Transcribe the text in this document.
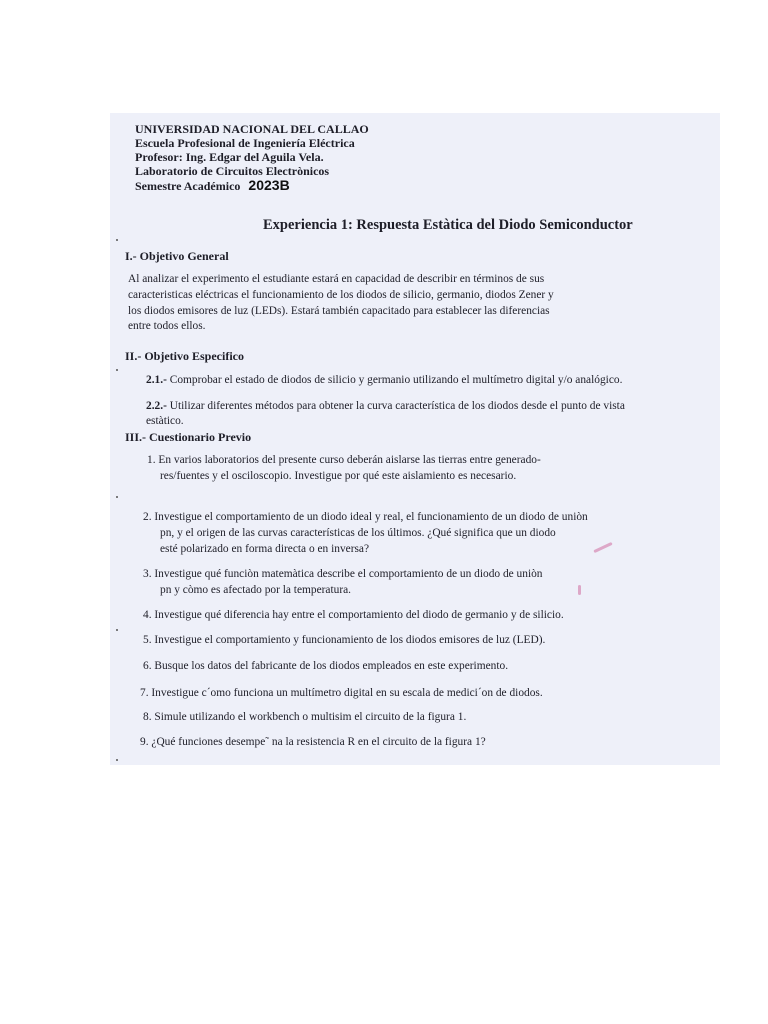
UNIVERSIDAD NACIONAL DEL CALLAO
Escuela Profesional de Ingeniería Eléctrica
Profesor: Ing. Edgar del Aguila Vela.
Laboratorio de Circuitos Electrònicos
Semestre Académico 2023B
Experiencia 1: Respuesta Estàtica del Diodo Semiconductor
I.- Objetivo General
Al analizar el experimento el estudiante estará en capacidad de describir en términos de sus
caracteristicas eléctricas el funcionamiento de los diodos de silicio, germanio, diodos Zener y
los diodos emisores de luz (LEDs). Estará también capacitado para establecer las diferencias
entre todos ellos.
II.- Objetivo Especifico
2.1.- Comprobar el estado de diodos de silicio y germanio utilizando el multímetro digital y/o analógico.
2.2.- Utilizar diferentes métodos para obtener la curva característica de los diodos desde el punto de vista
estàtico.
III.- Cuestionario Previo
1. En varios laboratorios del presente curso deberán aislarse las tierras entre generado-
res/fuentes y el osciloscopio. Investigue por qué este aislamiento es necesario.
2. Investigue el comportamiento de un diodo ideal y real, el funcionamiento de un diodo de uniòn
pn, y el origen de las curvas características de los últimos. ¿Qué significa que un diodo
esté polarizado en forma directa o en inversa?
3. Investigue qué funciòn matemàtica describe el comportamiento de un diodo de uniòn
pn y còmo es afectado por la temperatura.
4. Investigue qué diferencia hay entre el comportamiento del diodo de germanio y de silicio.
5. Investigue el comportamiento y funcionamiento de los diodos emisores de luz (LED).
6. Busque los datos del fabricante de los diodos empleados en este experimento.
7. Investigue c´omo funciona un multímetro digital en su escala de medici´on de diodos.
8. Simule utilizando el workbench o multisim el circuito de la figura 1.
9. ¿Qué funciones desempe˜ na la resistencia R en el circuito de la figura 1?
